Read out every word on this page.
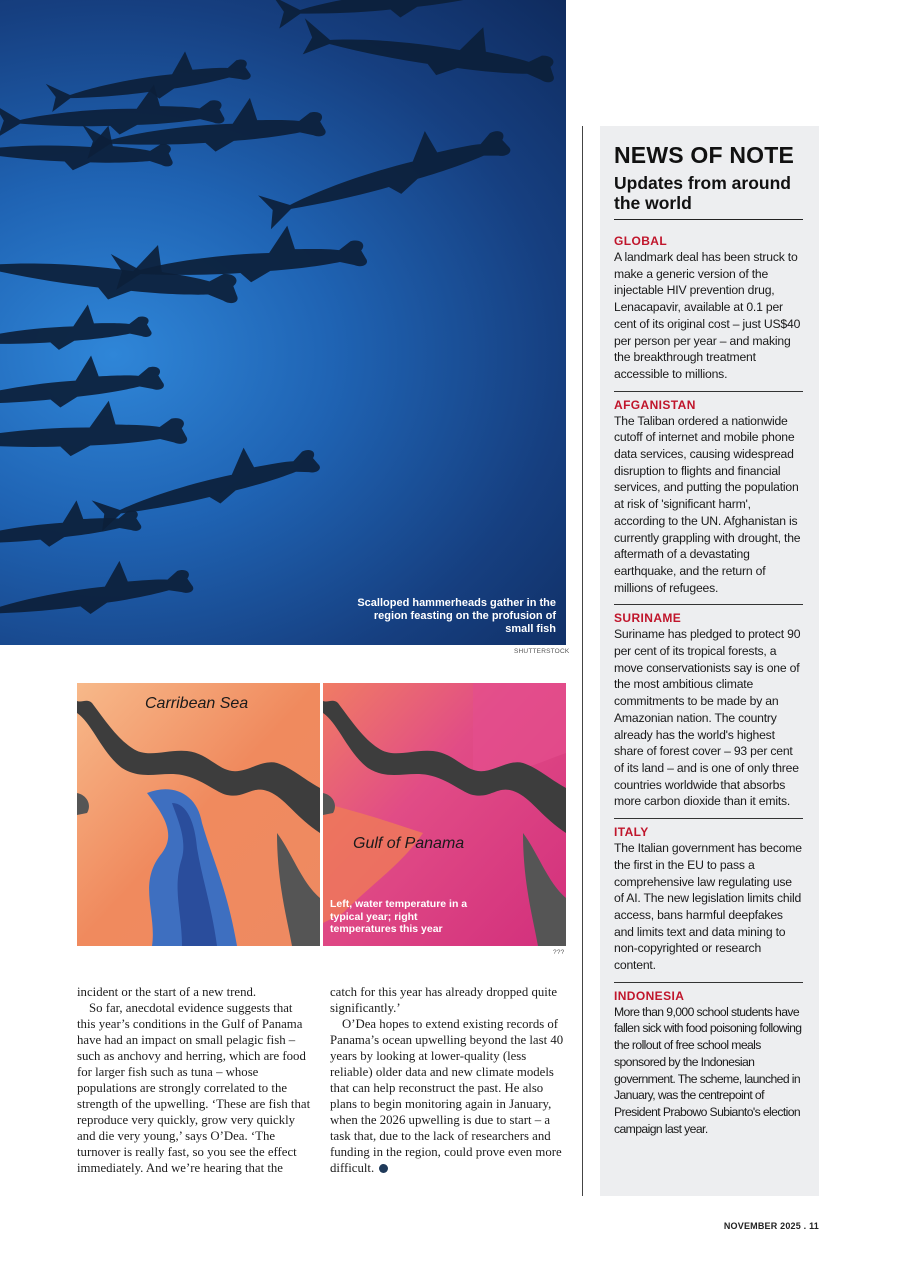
Scalloped hammerheads gather in the region feasting on the profusion of small fish
SHUTTERSTOCK
Carribean Sea
Gulf of Panama
Left, water temperature in a typical year; right temperatures this year
???

incident or the start of a new trend.

So far, anecdotal evidence suggests that this year’s conditions in the Gulf of Panama have had an impact on small pelagic fish – such as anchovy and herring, which are food for larger fish such as tuna – whose populations are strongly correlated to the strength of the upwelling. ‘These are fish that reproduce very quickly, grow very quickly and die very young,’ says O’Dea. ‘The turnover is really fast, so you see the effect immediately. And we’re hearing that the

catch for this year has already dropped quite significantly.’

O’Dea hopes to extend existing records of Panama’s ocean upwelling beyond the last 40 years by looking at lower-quality (less reliable) older data and new climate models that can help reconstruct the past. He also plans to begin monitoring again in January, when the 2026 upwelling is due to start – a task that, due to the lack of researchers and funding in the region, could prove even more difficult.

NEWS OF NOTE
Updates from around the world
GLOBAL
A landmark deal has been struck to make a generic version of the injectable HIV prevention drug, Lenacapavir, available at 0.1 per cent of its original cost – just US$40 per person per year – and making the breakthrough treatment accessible to millions.
AFGANISTAN
The Taliban ordered a nationwide cutoff of internet and mobile phone data services, causing widespread disruption to flights and financial services, and putting the population at risk of 'significant harm', according to the UN. Afghanistan is currently grappling with drought, the aftermath of a devastating earthquake, and the return of millions of refugees.
SURINAME
Suriname has pledged to protect 90 per cent of its tropical forests, a move conservationists say is one of the most ambitious climate commitments to be made by an Amazonian nation. The country already has the world's highest share of forest cover – 93 per cent of its land – and is one of only three countries worldwide that absorbs more carbon dioxide than it emits.
ITALY
The Italian government has become the first in the EU to pass a comprehensive law regulating use of AI. The new legislation limits child access, bans harmful deepfakes and limits text and data mining to non-copyrighted or research content.
INDONESIA
More than 9,000 school students have fallen sick with food poisoning following the rollout of free school meals sponsored by the Indonesian government. The scheme, launched in January, was the centrepoint of President Prabowo Subianto's election campaign last year.
NOVEMBER 2025 . 11
